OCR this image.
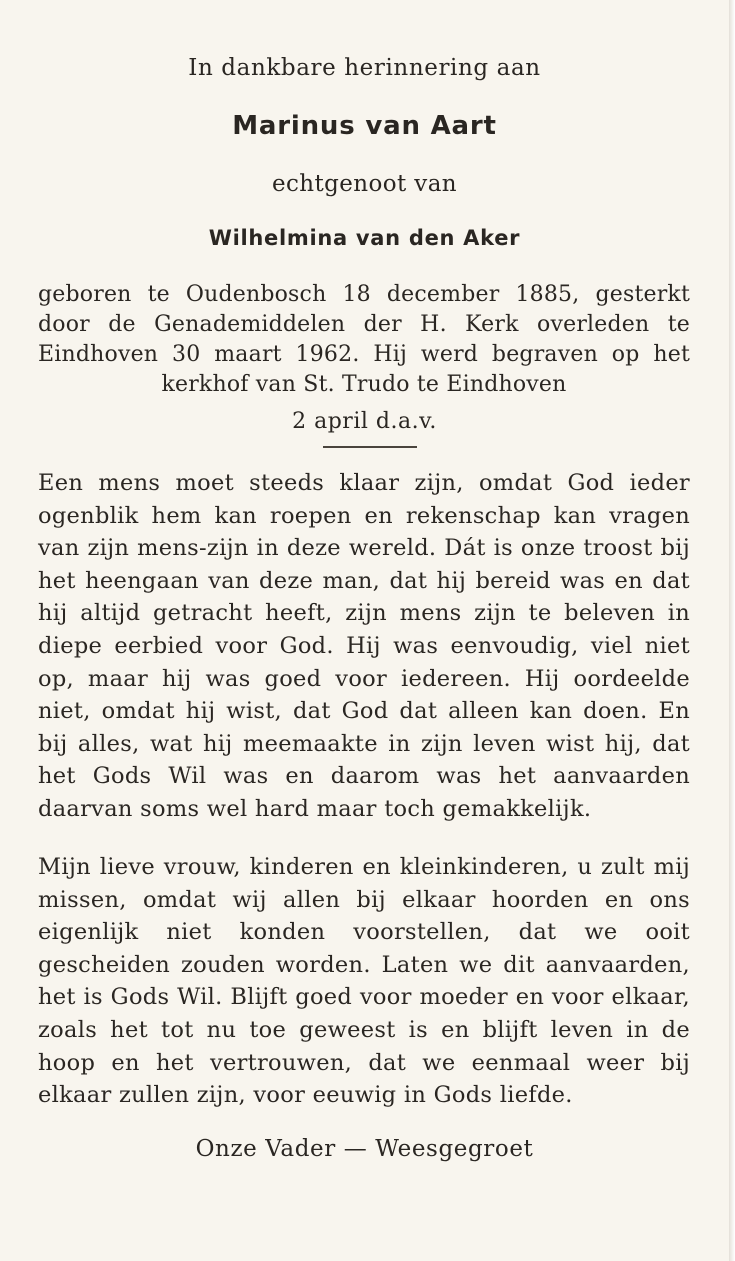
In dankbare herinnering aan
Marinus van Aart
echtgenoot van
Wilhelmina van den Aker
geboren te Oudenbosch 18 december 1885, gesterkt door de Genademiddelen der H. Kerk overleden te Eindhoven 30 maart 1962. Hij werd begraven op het kerkhof van St. Trudo te Eindhoven
2 april d.a.v.
Een mens moet steeds klaar zijn, omdat God ieder ogenblik hem kan roepen en rekenschap kan vragen van zijn mens-zijn in deze wereld. Dát is onze troost bij het heengaan van deze man, dat hij bereid was en dat hij altijd getracht heeft, zijn mens zijn te beleven in diepe eerbied voor God. Hij was eenvoudig, viel niet op, maar hij was goed voor iedereen. Hij oordeelde niet, omdat hij wist, dat God dat alleen kan doen. En bij alles, wat hij meemaakte in zijn leven wist hij, dat het Gods Wil was en daarom was het aanvaarden daarvan soms wel hard maar toch gemakkelijk.
Mijn lieve vrouw, kinderen en kleinkinderen, u zult mij missen, omdat wij allen bij elkaar hoorden en ons eigenlijk niet konden voorstellen, dat we ooit gescheiden zouden worden. Laten we dit aanvaarden, het is Gods Wil. Blijft goed voor moeder en voor elkaar, zoals het tot nu toe geweest is en blijft leven in de hoop en het vertrouwen, dat we eenmaal weer bij elkaar zullen zijn, voor eeuwig in Gods liefde.
Onze Vader — Weesgegroet
